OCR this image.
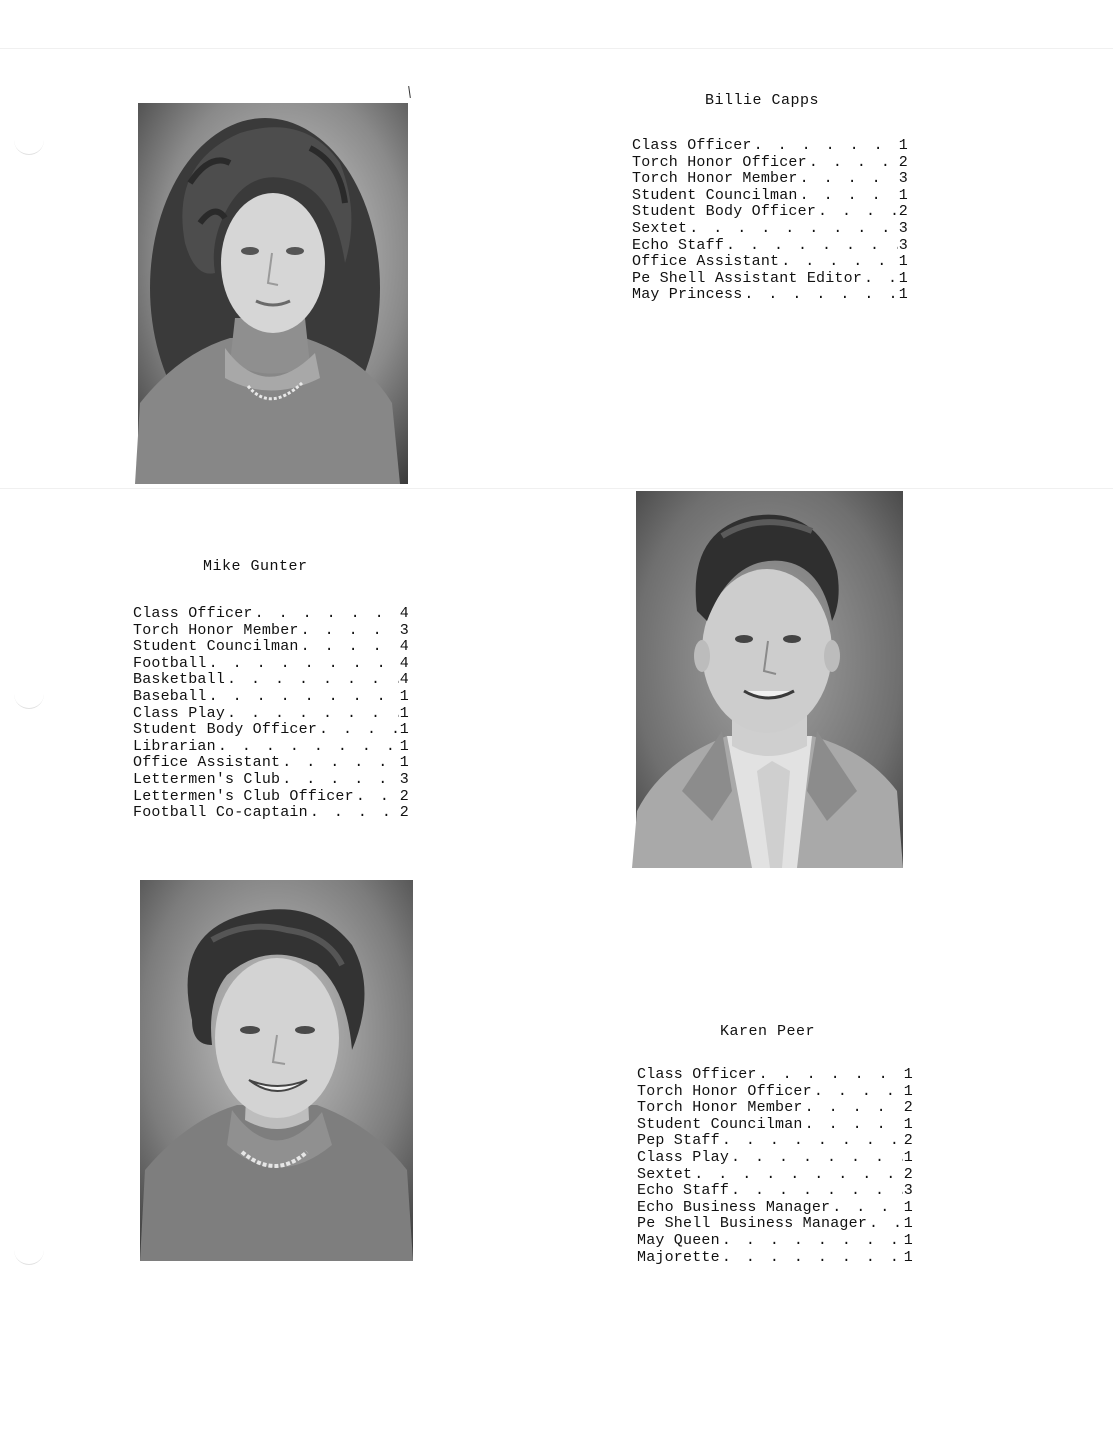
Billie Capps
Class Officer . . .	1
Torch Honor Officer . . .	2
Torch Honor Member . . .	3
Student Councilman . . .	1
Student Body Officer . . .	2
Sextet . . .	3
Echo Staff . . .	3
Office Assistant . . .	1
Pe Shell Assistant Editor . . . 1
May Princess . . .	1
Mike Gunter
Class Officer . . .	4
Torch Honor Member . . .	3
Student Councilman . . .	4
Football . . .	4
Basketball . . .	4
Baseball . . .	1
Class Play . . .	1
Student Body Officer . . .	1
Librarian . . .	1
Office Assistant . . .	1
Lettermen's Club . . .	3
Lettermen's Club Officer . . .	2
Football Co-captain . . .	2
Karen Peer
Class Officer . . .	1
Torch Honor Officer . . .	1
Torch Honor Member . . .	2
Student Councilman . . .	1
Pep Staff . . .	2
Class Play . . .	1
Sextet . . .	2
Echo Staff . . .	3
Echo Business Manager . . .	1
Pe Shell Business Manager . . . 1
May Queen . . .	1
Majorette . . .	1
